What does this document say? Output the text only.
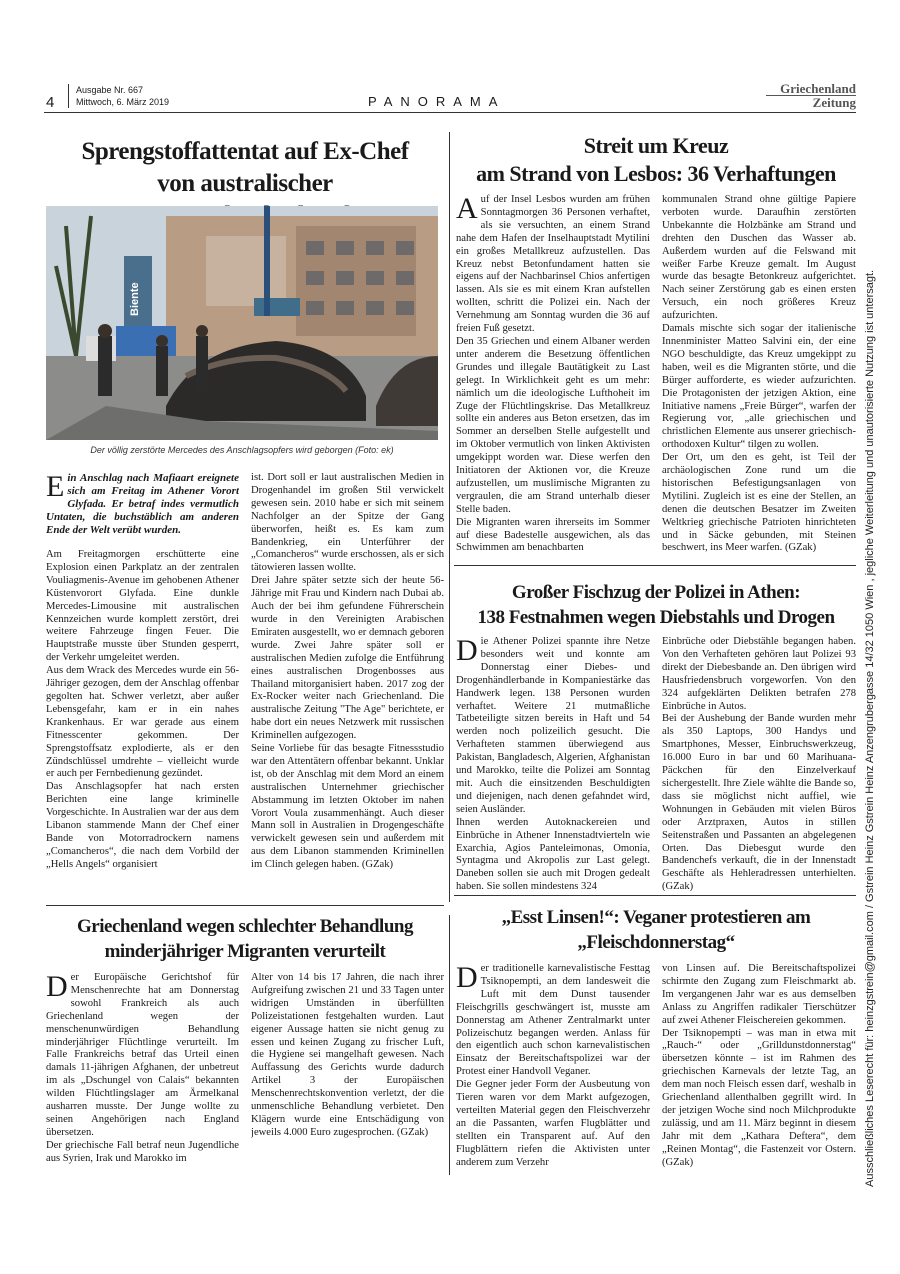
4
Ausgabe Nr. 667
Mittwoch, 6. März 2019	PANORAMA
Griechenland
Zeitung
Ausschließliches Leserecht für: heinzgstrein@gmail.com / Gstrein Heinz Gstrein Heinz Anzengrubergasse 14/32 1050 Wien , jegliche Weiterleitung und unautorisierte Nutzung ist untersagt.
Sprengstoffattentat auf Ex-Chef
von australischer
Biente
Der völlig zerstörte Mercedes des Anschlagsopfers wird geborgen (Foto: ek)

Ein Anschlag nach Mafiaart ereignete sich am Freitag im Athener Vorort Glyfada. Er betraf indes vermutlich Untaten, die buchstäblich am anderen Ende der Welt verübt wurden.

Am Freitagmorgen erschütterte eine Explosion einen Parkplatz an der zentralen Vouliagmenis-Avenue im gehobenen Athener Küstenvorort Glyfada. Eine dunkle Mercedes-Limousine mit australischen Kennzeichen wurde komplett zerstört, drei weitere Fahrzeuge fingen Feuer. Die Hauptstraße musste über Stunden gesperrt, der Verkehr umgeleitet werden.

Aus dem Wrack des Mercedes wurde ein 56-Jähriger gezogen, dem der Anschlag offenbar gegolten hat. Schwer verletzt, aber außer Lebensgefahr, kam er in ein nahes Krankenhaus. Er war gerade aus einem Fitnesscenter gekommen. Der Sprengstoffsatz explodierte, als er den Zündschlüssel umdrehte – vielleicht wurde er auch per Fernbedienung gezündet.

Das Anschlagsopfer hat nach ersten Berichten eine lange kriminelle Vorgeschichte. In Australien war der aus dem Libanon stammende Mann der Chef einer Bande von Motorradrockern namens „Comancheros“, die nach dem Vorbild der „Hells Angels“ organisiert

ist. Dort soll er laut australischen Medien in Drogenhandel im großen Stil verwickelt gewesen sein. 2010 habe er sich mit seinem Nachfolger an der Spitze der Gang überworfen, heißt es. Es kam zum Bandenkrieg, ein Unterführer der „Comancheros“ wurde erschossen, als er sich tätowieren lassen wollte.

Drei Jahre später setzte sich der heute 56-Jährige mit Frau und Kindern nach Dubai ab. Auch der bei ihm gefundene Führerschein wurde in den Vereinigten Arabischen Emiraten ausgestellt, wo er demnach geboren wurde. Zwei Jahre später soll er australischen Medien zufolge die Entführung eines australischen Drogenbosses aus Thailand mitorganisiert haben. 2017 zog der Ex-Rocker weiter nach Griechenland. Die australische Zeitung "The Age" berichtete, er habe dort ein neues Netzwerk mit russischen Kriminellen aufgezogen.

Seine Vorliebe für das besagte Fitnessstudio war den Attentätern offenbar bekannt. Unklar ist, ob der Anschlag mit dem Mord an einem australischen Unternehmer griechischer Abstammung im letzten Oktober im nahen Vorort Voula zusammenhängt. Auch dieser Mann soll in Australien in Drogengeschäfte verwickelt gewesen sein und außerdem mit aus dem Libanon stammenden Kriminellen im Clinch gelegen haben. (GZak)

Streit um Kreuz
am Strand von Lesbos: 36 Verhaftungen
A uf der Insel Lesbos wurden am frühen Sonntagmorgen 36 Personen verhaftet, als sie versuchten, an einem Strand nahe dem Hafen der Inselhauptstadt Mytilini ein großes Metallkreuz aufzustellen. Das Kreuz nebst Betonfundament hatten sie eigens auf der Nachbarinsel Chios anfertigen lassen. Als sie es mit einem Kran aufstellen wollten, schritt die Polizei ein. Nach der Vernehmung am Sonntag wurden die 36 auf freien Fuß gesetzt.

Den 35 Griechen und einem Albaner werden unter anderem die Besetzung öffentlichen Grundes und illegale Bautätigkeit zu Last gelegt. In Wirklichkeit geht es um mehr: nämlich um die ideologische Lufthoheit im Zuge der Flüchtlingskrise. Das Metallkreuz sollte ein anderes aus Beton ersetzen, das im Sommer an derselben Stelle aufgestellt und im Oktober vermutlich von linken Aktivisten umgekippt worden war. Diese werfen den Initiatoren der Aktionen vor, die Kreuze aufzustellen, um muslimische Migranten zu vergraulen, die am Strand unterhalb dieser Stelle baden.

Die Migranten waren ihrerseits im Sommer auf diese Badestelle ausgewichen, als das Schwimmen am benachbarten

kommunalen Strand ohne gültige Papiere verboten wurde. Daraufhin zerstörten Unbekannte die Holzbänke am Strand und drehten den Duschen das Wasser ab. Außerdem wurden auf die Felswand mit weißer Farbe Kreuze gemalt. Im August wurde das besagte Betonkreuz aufgerichtet. Nach seiner Zerstörung gab es einen ersten Versuch, ein noch größeres Kreuz aufzurichten.

Damals mischte sich sogar der italienische Innenminister Matteo Salvini ein, der eine NGO beschuldigte, das Kreuz umgekippt zu haben, weil es die Migranten störte, und die Bürger aufforderte, es wieder aufzurichten. Die Protagonisten der jetzigen Aktion, eine Initiative namens „Freie Bürger“, warfen der Regierung vor, „alle griechischen und christlichen Elemente aus unserer griechisch-orthodoxen Kultur“ tilgen zu wollen.

Der Ort, um den es geht, ist Teil der archäologischen Zone rund um die historischen Befestigungsanlagen von Mytilini. Zugleich ist es eine der Stellen, an denen die deutschen Besatzer im Zweiten Weltkrieg griechische Patrioten hinrichteten und in Säcke gebunden, mit Steinen beschwert, ins Meer warfen. (GZak)

Großer Fischzug der Polizei in Athen:
138 Festnahmen wegen Diebstahls und Drogen
D ie Athener Polizei spannte ihre Netze besonders weit und konnte am Donnerstag einer Diebes- und Drogenhändlerbande in Kompaniestärke das Handwerk legen. 138 Personen wurden verhaftet. Weitere 21 mutmaßliche Tatbeteiligte sitzen bereits in Haft und 54 werden noch polizeilich gesucht. Die Verhafteten stammen überwiegend aus Pakistan, Bangladesch, Algerien, Afghanistan und Marokko, teilte die Polizei am Sonntag mit. Auch die einsitzenden Beschuldigten und diejenigen, nach denen gefahndet wird, seien Ausländer.

Ihnen werden Autoknackereien und Einbrüche in Athener Innenstadtvierteln wie Exarchia, Agios Panteleimonas, Omonia, Syntagma und Akropolis zur Last gelegt. Daneben sollen sie auch mit Drogen gedealt haben. Sie sollen mindestens 324

Einbrüche oder Diebstähle begangen haben. Von den Verhafteten gehören laut Polizei 93 direkt der Diebesbande an. Den übrigen wird Hausfriedensbruch vorgeworfen. Von den 324 aufgeklärten Delikten betrafen 278 Einbrüche in Autos.

Bei der Aushebung der Bande wurden mehr als 350 Laptops, 300 Handys und Smartphones, Messer, Einbruchswerkzeug, 16.000 Euro in bar und 60 Marihuana-Päckchen für den Einzelverkauf sichergestellt. Ihre Ziele wählte die Bande so, dass sie möglichst nicht auffiel, wie Wohnungen in Gebäuden mit vielen Büros oder Arztpraxen, Autos in stillen Seitenstraßen und Passanten an abgelegenen Orten. Das Diebesgut wurde den Bandenchefs verkauft, die in der Innenstadt Geschäfte als Hehleradressen unterhielten. (GZak)

Griechenland wegen schlechter Behandlung
minderjähriger Migranten verurteilt
D er Europäische Gerichtshof für Menschenrechte hat am Donnerstag sowohl Frankreich als auch Griechenland wegen der menschenunwürdigen Behandlung minderjähriger Flüchtlinge verurteilt. Im Falle Frankreichs betraf das Urteil einen damals 11-jährigen Afghanen, der unbetreut im als „Dschungel von Calais“ bekannten wilden Flüchtlingslager am Ärmelkanal ausharren musste. Der Junge wollte zu seinen Angehörigen nach England übersetzen.

Der griechische Fall betraf neun Jugendliche aus Syrien, Irak und Marokko im

Alter von 14 bis 17 Jahren, die nach ihrer Aufgreifung zwischen 21 und 33 Tagen unter widrigen Umständen in überfüllten Polizeistationen festgehalten wurden. Laut eigener Aussage hatten sie nicht genug zu essen und keinen Zugang zu frischer Luft, die Hygiene sei mangelhaft gewesen. Nach Auffassung des Gerichts wurde dadurch Artikel 3 der Europäischen Menschenrechtskonvention verletzt, der die unmenschliche Behandlung verbietet. Den Klägern wurde eine Entschädigung von jeweils 4.000 Euro zugesprochen. (GZak)

„Esst Linsen!“: Veganer protestieren am „Fleischdonnerstag“
D er traditionelle karnevalistische Festtag Tsiknopempti, an dem landesweit die Luft mit dem Dunst tausender Fleischgrills geschwängert ist, musste am Donnerstag am Athener Zentralmarkt unter Polizeischutz begangen werden. Anlass für den eigentlich auch schon karnevalistischen Einsatz der Bereitschaftspolizei war der Protest einer Handvoll Veganer.

Die Gegner jeder Form der Ausbeutung von Tieren waren vor dem Markt aufgezogen, verteilten Material gegen den Fleischverzehr an die Passanten, warfen Flugblätter und stellten ein Transparent auf. Auf den Flugblättern riefen die Aktivisten unter anderem zum Verzehr

von Linsen auf. Die Bereitschaftspolizei schirmte den Zugang zum Fleischmarkt ab. Im vergangenen Jahr war es aus demselben Anlass zu Angriffen radikaler Tierschützer auf zwei Athener Fleischereien gekommen.

Der Tsiknopempti – was man in etwa mit „Rauch-“ oder „Grilldunstdonnerstag“ übersetzen könnte – ist im Rahmen des griechischen Karnevals der letzte Tag, an dem man noch Fleisch essen darf, weshalb in Griechenland allenthalben gegrillt wird. In der jetzigen Woche sind noch Milchprodukte zulässig, und am 11. März beginnt in diesem Jahr mit dem „Kathara Deftera“, dem „Reinen Montag“, die Fastenzeit vor Ostern. (GZak)
